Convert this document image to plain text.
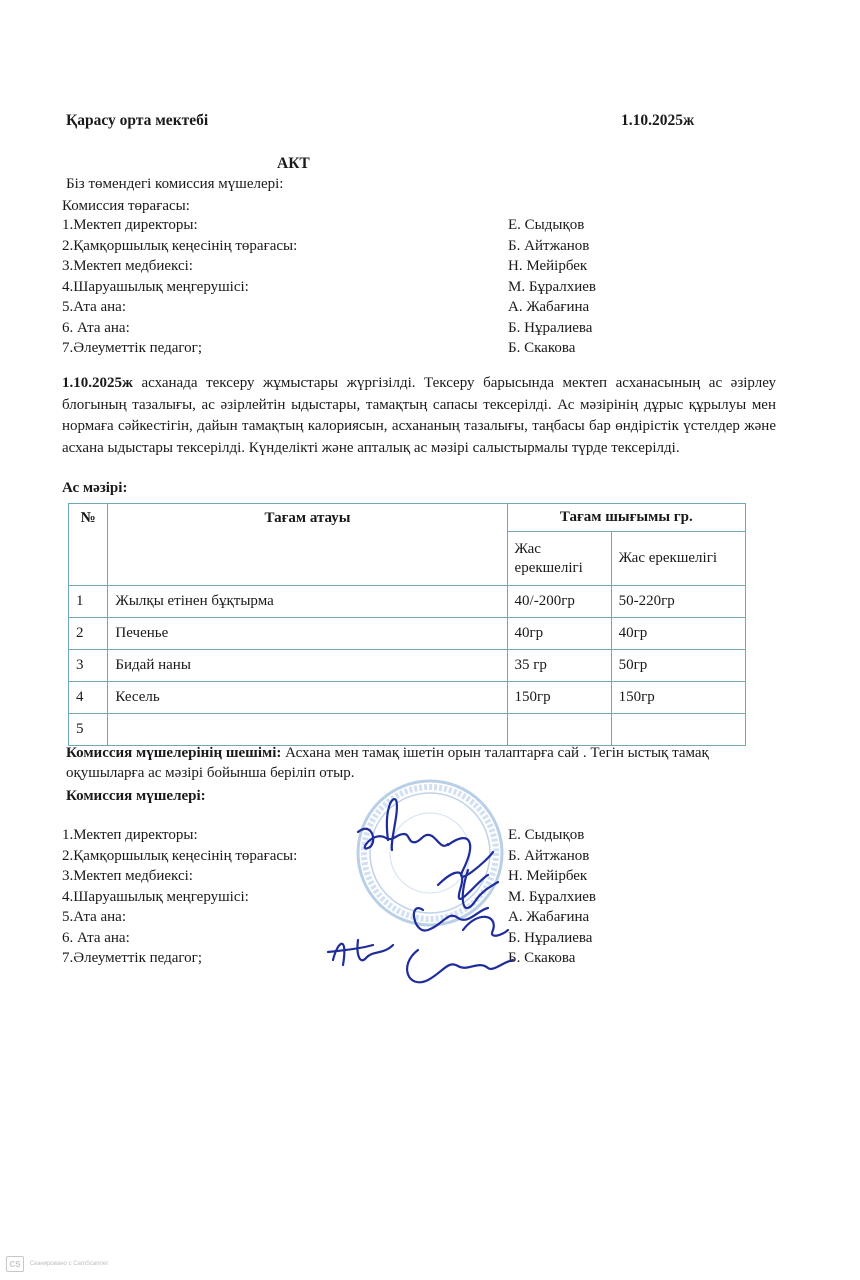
Қарасу орта мектебі	1.10.2025ж
АКТ
Біз төмендегі комиссия мүшелері:
Комиссия төрағасы:
1.Мектеп директоры:	Е. Сыдықов
2.Қамқоршылық кеңесінің төрағасы:	Б. Айтжанов
3.Мектеп медбиексі:	Н. Мейірбек
4.Шаруашылық меңгерушісі:	М. Бұралхиев
5.Ата ана:	А. Жабағина
6. Ата ана:	Б. Нұралиева
7.Әлеуметтік педагог;	Б. Скакова
1.10.2025ж асханада тексеру жұмыстары жүргізілді. Тексеру барысында мектеп асханасының ас әзірлеу блогының тазалығы, ас әзірлейтін ыдыстары, тамақтың сапасы тексерілді. Ас мәзірінің дұрыс құрылуы мен нормаға сәйкестігін, дайын тамақтың калориясын, асхананың тазалығы, таңбасы бар өндірістік үстелдер және асхана ыдыстары тексерілді. Күнделікті және апталық ас мәзірі салыстырмалы түрде тексерілді.
Ас мәзірі:
№	Тағам атауы	Тағам шығымы гр.	
		Жас ерекшелігі	Жас ерекшелігі
1	Жылқы етінен бұқтырма	40/-200гр	50-220гр
2	Печенье	40гр	40гр
3	Бидай наны	35 гр	50гр
4	Кесель	150гр	150гр
5			
Комиссия мүшелерінің шешімі: Асхана мен тамақ ішетін орын талаптарға сай . Тегін ыстық тамақ оқушыларға ас мәзірі бойынша беріліп отыр.
Комиссия мүшелері:
1.Мектеп директоры:	Е. Сыдықов
2.Қамқоршылық кеңесінің төрағасы:	Б. Айтжанов
3.Мектеп медбиексі:	Н. Мейірбек
4.Шаруашылық меңгерушісі:	М. Бұралхиев
5.Ата ана:	А. Жабағина
6. Ата ана:	Б. Нұралиева
7.Әлеуметтік педагог;	Б. Скакова
CS	Сканировано с CamScanner
